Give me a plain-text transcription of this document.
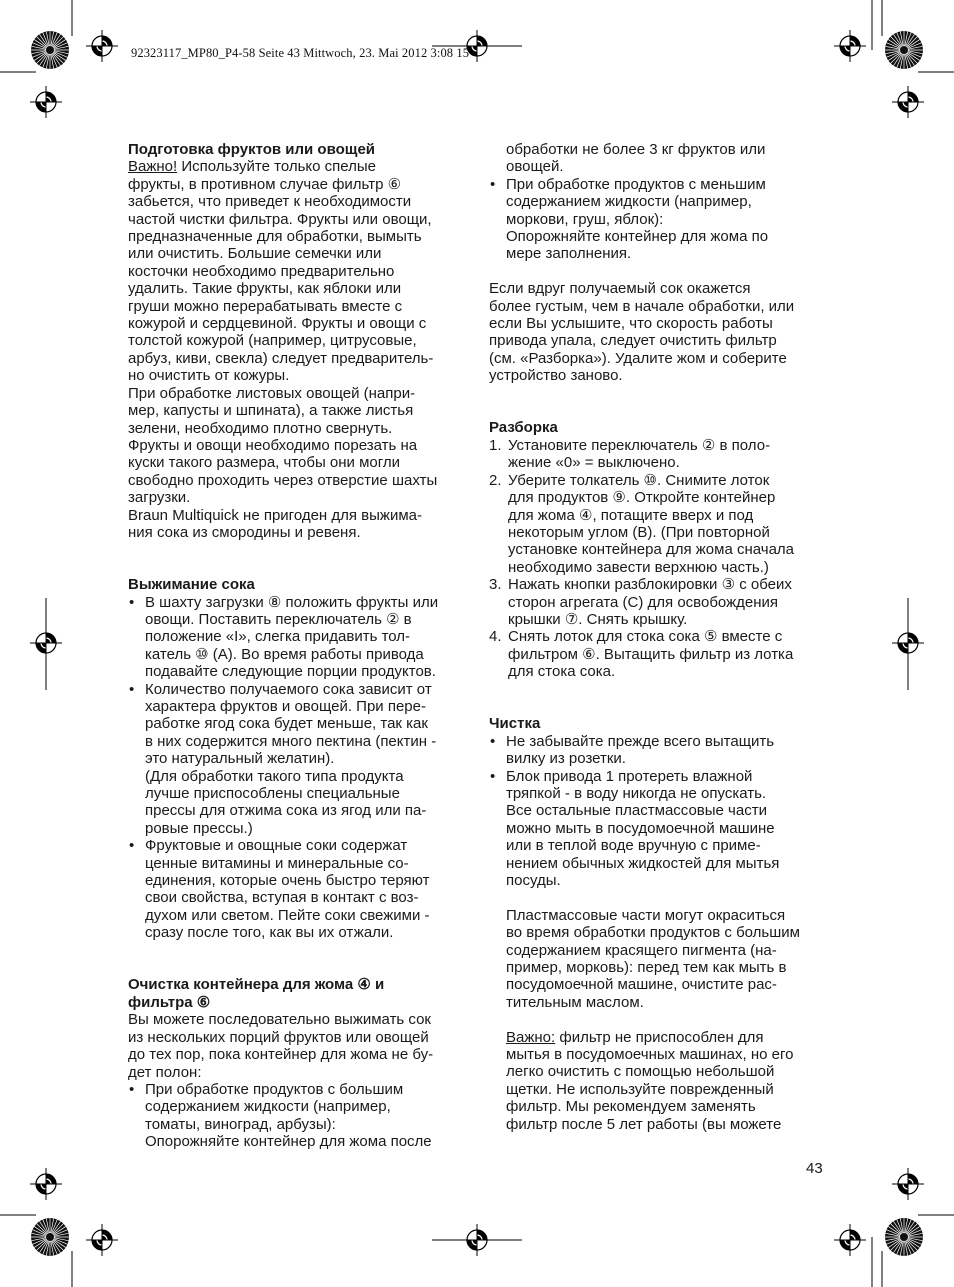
92323117_MP80_P4-58 Seite 43 Mittwoch, 23. Mai 2012 3:08 15
Подготовка фруктов или овощей
Важно! Используйте только спелые
фрукты, в противном случае фильтр ⑥
забьется, что приведет к необходимости
частой чистки фильтра. Фрукты или овощи,
предназначенные для обработки, вымыть
или очистить. Большие семечки или
косточки необходимо предварительно
удалить. Такие фрукты, как яблоки или
груши можно перерабатывать вместе с
кожурой и сердцевиной. Фрукты и овощи с
толстой кожурой (например, цитрусовые,
арбуз, киви, свекла) следует предваритель-
но очистить от кожуры.
При обработке листовых овощей (напри-
мер, капусты и шпината), а также листья
зелени, необходимо плотно свернуть.
Фрукты и овощи необходимо порезать на
куски такого размера, чтобы они могли
свободно проходить через отверстие шахты
загрузки.
Braun Multiquick не пригоден для выжима-
ния сока из смородины и ревеня.
Выжимание сока
• В шахту загрузки ⑧ положить фрукты или
овощи. Поставить переключатель ② в
положение «I», слегка придавить тол-
катель ⑩ (A). Во время работы привода
подавайте следующие порции продуктов.
• Количество получаемого сока зависит от
характера фруктов и овощей. При пере-
работке ягод сока будет меньше, так как
в них содержится много пектина (пектин -
это натуральный желатин).
(Для обработки такого типа продукта
лучше приспособлены специальные
прессы для отжима сока из ягод или па-
ровые прессы.)
• Фруктовые и овощные соки содержат
ценные витамины и минеральные со-
единения, которые очень быстро теряют
свои свойства, вступая в контакт с воз-
духом или светом. Пейте соки свежими -
сразу после того, как вы их отжали.
Очистка контейнера для жома ④ и
фильтра ⑥
Вы можете последовательно выжимать сок
из нескольких порций фруктов или овощей
до тех пор, пока контейнер для жома не бу-
дет полон:
• При обработке продуктов с большим
содержанием жидкости (например,
томаты, виноград, арбузы):
Опорожняйте контейнер для жома после
обработки не более 3 кг фруктов или
овощей.
• При обработке продуктов с меньшим
содержанием жидкости (например,
моркови, груш, яблок):
Опорожняйте контейнер для жома по
мере заполнения.
Если вдруг получаемый сок окажется
более густым, чем в начале обработки, или
если Вы услышите, что скорость работы
привода упала, следует очистить фильтр
(см. «Разборка»). Удалите жом и соберите
устройство заново.
Разборка
1. Установите переключатель ② в поло-
жение «0» = выключено.
2. Уберите толкатель ⑩. Снимите лоток
для продуктов ⑨. Откройте контейнер
для жома ④, потащите вверх и под
некоторым углом (B). (При повторной
установке контейнера для жома сначала
необходимо завести верхнюю часть.)
3. Нажать кнопки разблокировки ③ с обеих
сторон агрегата (C) для освобождения
крышки ⑦. Снять крышку.
4. Снять лоток для стока сока ⑤ вместе с
фильтром ⑥. Вытащить фильтр из лотка
для стока сока.
Чистка
• Не забывайте прежде всего вытащить
вилку из розетки.
• Блок привода 1 протереть влажной
тряпкой - в воду никогда не опускать.
Все остальные пластмассовые части
можно мыть в посудомоечной машине
или в теплой воде вручную с приме-
нением обычных жидкостей для мытья
посуды.
Пластмассовые части могут окраситься
во время обработки продуктов с большим
содержанием красящего пигмента (на-
пример, морковь): перед тем как мыть в
посудомоечной машине, очистите рас-
тительным маслом.
Важно: фильтр не приспособлен для
мытья в посудомоечных машинах, но его
легко очистить с помощью небольшой
щетки. Не используйте поврежденный
фильтр. Мы рекомендуем заменять
фильтр после 5 лет работы (вы можете
43
